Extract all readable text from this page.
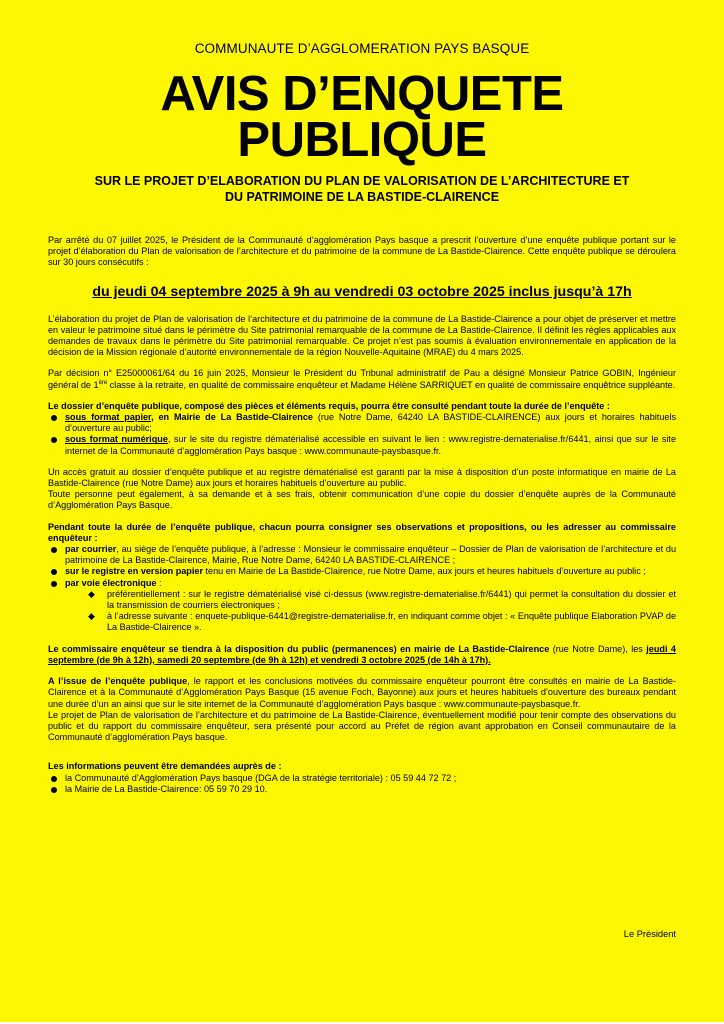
COMMUNAUTE D’AGGLOMERATION PAYS BASQUE
AVIS D’ENQUETE
PUBLIQUE
SUR LE PROJET D’ELABORATION DU PLAN DE VALORISATION DE L’ARCHITECTURE ET
DU PATRIMOINE DE LA BASTIDE-CLAIRENCE

Par arrêté du 07 juillet 2025, le Président de la Communauté d’agglomération Pays basque a prescrit l’ouverture d’une enquête publique portant sur le projet d’élaboration du Plan de valorisation de l’architecture et du patrimoine de la commune de La Bastide-Clairence. Cette enquête publique se déroulera sur 30 jours consécutifs :

du jeudi 04 septembre 2025 à 9h au vendredi 03 octobre 2025 inclus jusqu’à 17h

L’élaboration du projet de Plan de valorisation de l’architecture et du patrimoine de la commune de La Bastide-Clairence a pour objet de préserver et mettre en valeur le patrimoine situé dans le périmètre du Site patrimonial remarquable de la commune de La Bastide-Clairence. Il définit les règles applicables aux demandes de travaux dans le périmètre du Site patrimonial remarquable. Ce projet n’est pas soumis à évaluation environnementale en application de la décision de la Mission régionale d’autorité environnementale de la région Nouvelle-Aquitaine (MRAE) du 4 mars 2025.

Par décision n° E25000061/64 du 16 juin 2025, Monsieur le Président du Tribunal administratif de Pau a désigné Monsieur Patrice GOBIN, Ingénieur général de 1ère classe à la retraite, en qualité de commissaire enquêteur et Madame Hélène SARRIQUET en qualité de commissaire enquêtrice suppléante.

Le dossier d’enquête publique, composé des pièces et éléments requis, pourra être consulté pendant toute la durée de l’enquête :

sous format papier, en Mairie de La Bastide-Clairence (rue Notre Dame, 64240 LA BASTIDE-CLAIRENCE) aux jours et horaires habituels d’ouverture au public;
sous format numérique, sur le site du registre dématérialisé accessible en suivant le lien : www.registre-dematerialise.fr/6441, ainsi que sur le site internet de la Communauté d’agglomération Pays basque : www.communaute-paysbasque.fr.

Un accès gratuit au dossier d’enquête publique et au registre dématérialisé est garanti par la mise à disposition d’un poste informatique en mairie de La Bastide-Clairence (rue Notre Dame) aux jours et horaires habituels d’ouverture au public.

Toute personne peut également, à sa demande et à ses frais, obtenir communication d’une copie du dossier d’enquête auprès de la Communauté d’Agglomération Pays Basque.

Pendant toute la durée de l’enquête publique, chacun pourra consigner ses observations et propositions, ou les adresser au commissaire enquêteur :

par courrier, au siège de l’enquête publique, à l’adresse : Monsieur le commissaire enquêteur – Dossier de Plan de valorisation de l’architecture et du patrimoine de La Bastide-Clairence, Mairie, Rue Notre Dame, 64240 LA BASTIDE-CLAIRENCE ;
sur le registre en version papier tenu en Mairie de La Bastide-Clairence, rue Notre Dame, aux jours et heures habituels d’ouverture au public ;
par voie électronique :
◆ préférentiellement : sur le registre dématérialisé visé ci-dessus (www.registre-dematerialise.fr/6441) qui permet la consultation du dossier et la transmission de courriers électroniques ;
◆ à l’adresse suivante : enquete-publique-6441@registre-dematerialise.fr, en indiquant comme objet : « Enquête publique Elaboration PVAP de La Bastide-Clairence ».

Le commissaire enquêteur se tiendra à la disposition du public (permanences) en mairie de La Bastide-Clairence (rue Notre Dame), les jeudi 4 septembre (de 9h à 12h), samedi 20 septembre (de 9h à 12h) et vendredi 3 octobre 2025 (de 14h à 17h).

A l’issue de l’enquête publique, le rapport et les conclusions motivées du commissaire enquêteur pourront être consultés en mairie de La Bastide-Clairence et à la Communauté d’Agglomération Pays Basque (15 avenue Foch, Bayonne) aux jours et heures habituels d’ouverture des bureaux pendant une durée d’un an ainsi que sur le site internet de la Communauté d’agglomération Pays basque : www.communaute-paysbasque.fr.

Le projet de Plan de valorisation de l’architecture et du patrimoine de La Bastide-Clairence, éventuellement modifié pour tenir compte des observations du public et du rapport du commissaire enquêteur, sera présenté pour accord au Préfet de région avant approbation en Conseil communautaire de la Communauté d’agglomération Pays basque.

Les informations peuvent être demandées auprès de :

la Communauté d’Agglomération Pays basque (DGA de la stratégie territoriale) : 05 59 44 72 72 ;
la Mairie de La Bastide-Clairence: 05 59 70 29 10.
Le Président
